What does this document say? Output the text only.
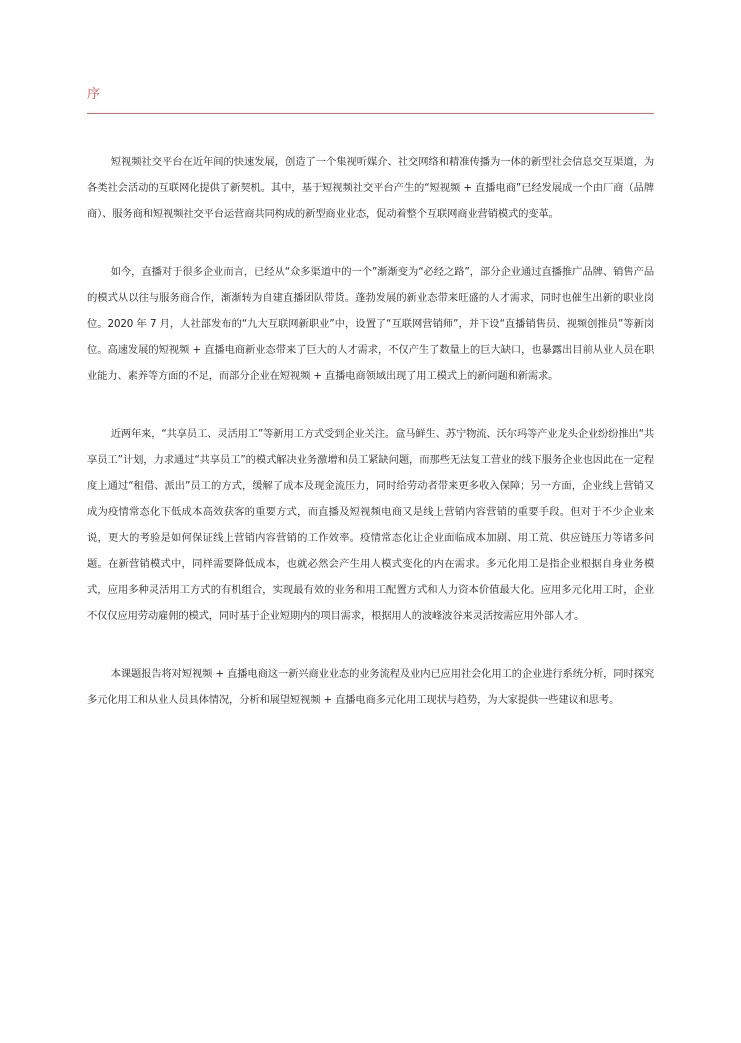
序

短视频社交平台在近年间的快速发展，创造了一个集视听媒介、社交网络和精准传播为一体的新型社会信息交互渠道，为各类社会活动的互联网化提供了新契机。其中，基于短视频社交平台产生的“短视频 + 直播电商”已经发展成一个由厂商（品牌商）、服务商和短视频社交平台运营商共同构成的新型商业业态，促动着整个互联网商业营销模式的变革。

如今，直播对于很多企业而言，已经从“众多渠道中的一个”渐渐变为“必经之路”，部分企业通过直播推广品牌、销售产品的模式从以往与服务商合作，渐渐转为自建直播团队带货。蓬勃发展的新业态带来旺盛的人才需求，同时也催生出新的职业岗位。2020 年 7 月，人社部发布的“九大互联网新职业”中，设置了“互联网营销师”，并下设“直播销售员、视频创推员”等新岗位。高速发展的短视频 + 直播电商新业态带来了巨大的人才需求，不仅产生了数量上的巨大缺口，也暴露出目前从业人员在职业能力、素养等方面的不足，而部分企业在短视频 + 直播电商领域出现了用工模式上的新问题和新需求。

近两年来，“共享员工、灵活用工”等新用工方式受到企业关注。盒马鲜生、苏宁物流、沃尔玛等产业龙头企业纷纷推出“共享员工”计划，力求通过“共享员工”的模式解决业务激增和员工紧缺问题，而那些无法复工营业的线下服务企业也因此在一定程度上通过“租借、派出”员工的方式，缓解了成本及现金流压力，同时给劳动者带来更多收入保障；另一方面，企业线上营销又成为疫情常态化下低成本高效获客的重要方式，而直播及短视频电商又是线上营销内容营销的重要手段。但对于不少企业来说，更大的考验是如何保证线上营销内容营销的工作效率。疫情常态化让企业面临成本加剧、用工荒、供应链压力等诸多问题。在新营销模式中，同样需要降低成本，也就必然会产生用人模式变化的内在需求。多元化用工是指企业根据自身业务模式，应用多种灵活用工方式的有机组合，实现最有效的业务和用工配置方式和人力资本价值最大化。应用多元化用工时，企业不仅仅应用劳动雇佣的模式，同时基于企业短期内的项目需求，根据用人的波峰波谷来灵活按需应用外部人才。

本课题报告将对短视频 + 直播电商这一新兴商业业态的业务流程及业内已应用社会化用工的企业进行系统分析，同时探究多元化用工和从业人员具体情况，分析和展望短视频 + 直播电商多元化用工现状与趋势，为大家提供一些建议和思考。
